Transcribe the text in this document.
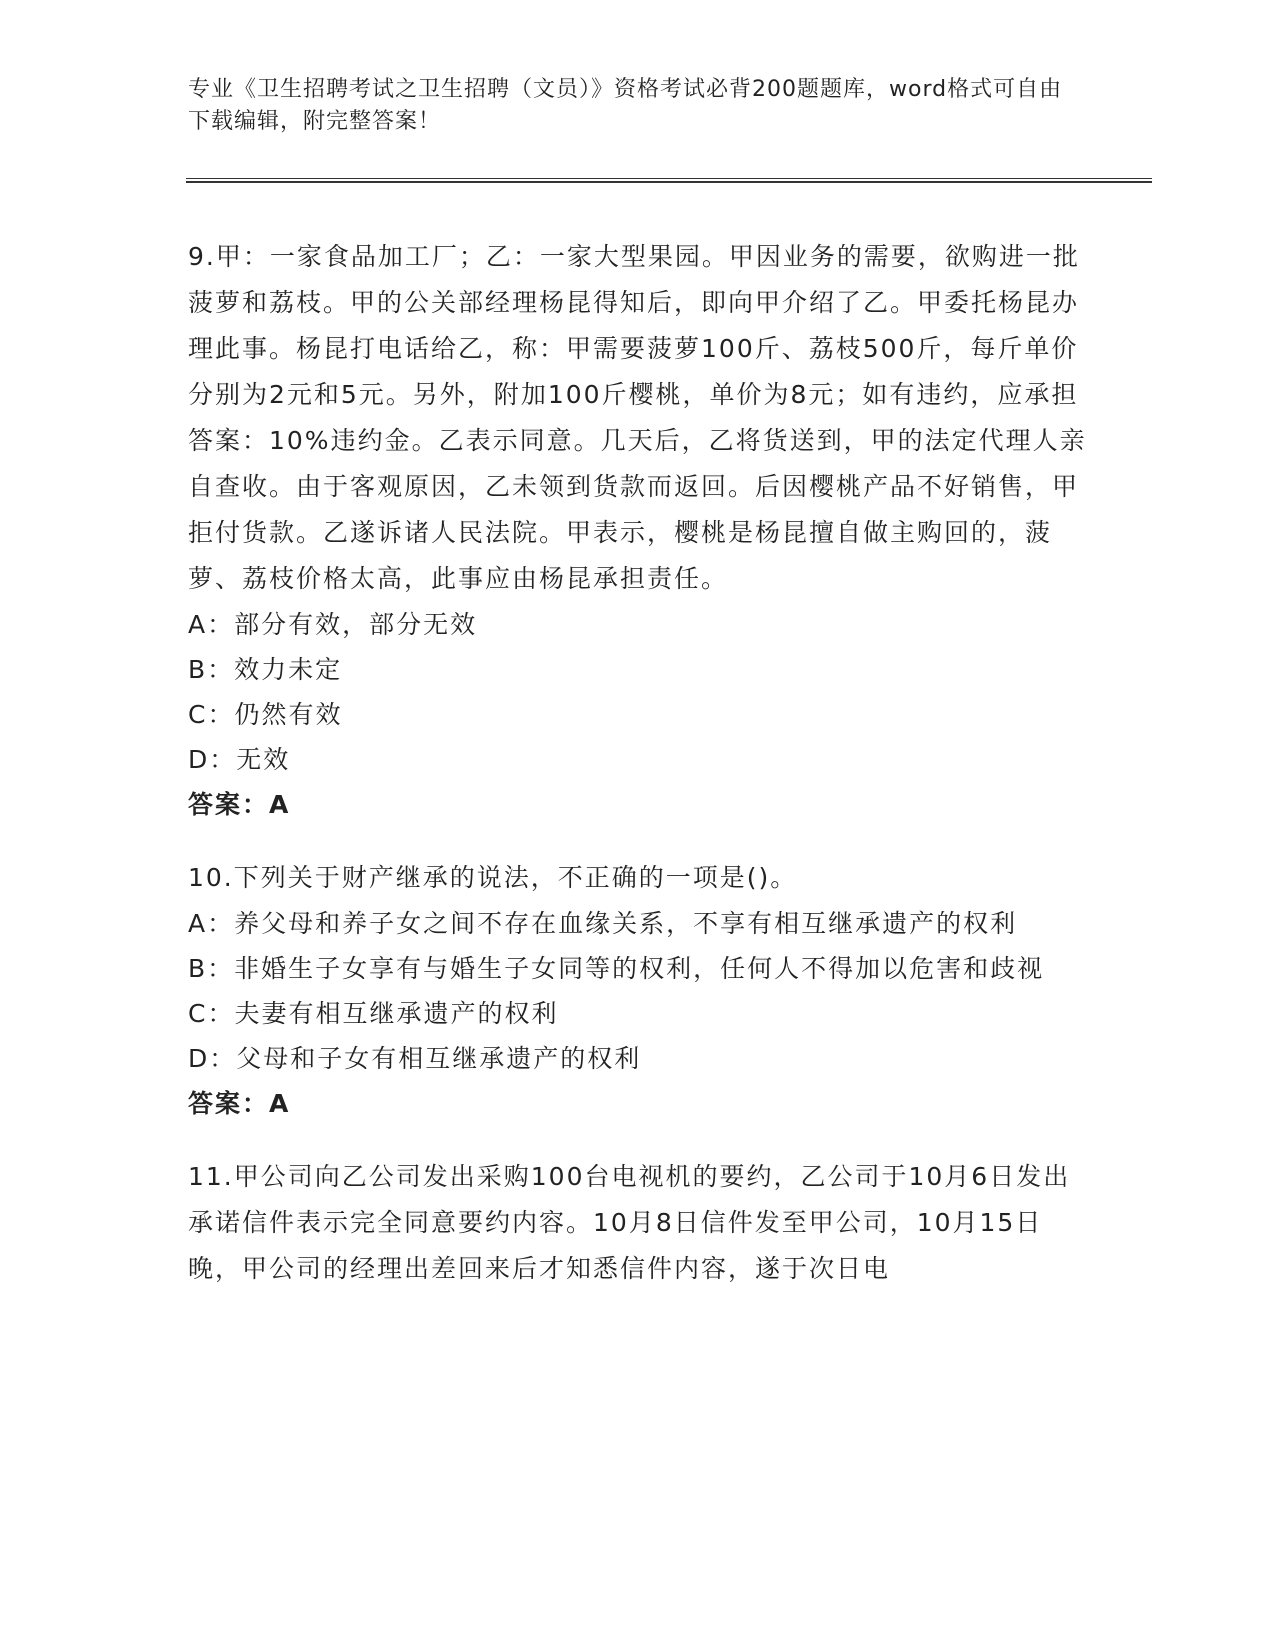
专业《卫生招聘考试之卫生招聘（文员）》资格考试必背200题题库，word格式可自由下载编辑，附完整答案！

9.甲：一家食品加工厂；乙：一家大型果园。甲因业务的需要，欲购进一批菠萝和荔枝。甲的公关部经理杨昆得知后，即向甲介绍了乙。甲委托杨昆办理此事。杨昆打电话给乙，称：甲需要菠萝100斤、荔枝500斤，每斤单价分别为2元和5元。另外，附加100斤樱桃，单价为8元；如有违约，应承担答案：10%违约金。乙表示同意。几天后，乙将货送到，甲的法定代理人亲自查收。由于客观原因，乙未领到货款而返回。后因樱桃产品不好销售，甲拒付货款。乙遂诉诸人民法院。甲表示，樱桃是杨昆擅自做主购回的，菠萝、荔枝价格太高，此事应由杨昆承担责任。

A：部分有效，部分无效

B：效力未定

C：仍然有效

D：无效

答案：A

10.下列关于财产继承的说法，不正确的一项是()。

A：养父母和养子女之间不存在血缘关系，不享有相互继承遗产的权利

B：非婚生子女享有与婚生子女同等的权利，任何人不得加以危害和歧视

C：夫妻有相互继承遗产的权利

D：父母和子女有相互继承遗产的权利

答案：A

11.甲公司向乙公司发出采购100台电视机的要约，乙公司于10月6日发出承诺信件表示完全同意要约内容。10月8日信件发至甲公司，10月15日晚，甲公司的经理出差回来后才知悉信件内容，遂于次日电
